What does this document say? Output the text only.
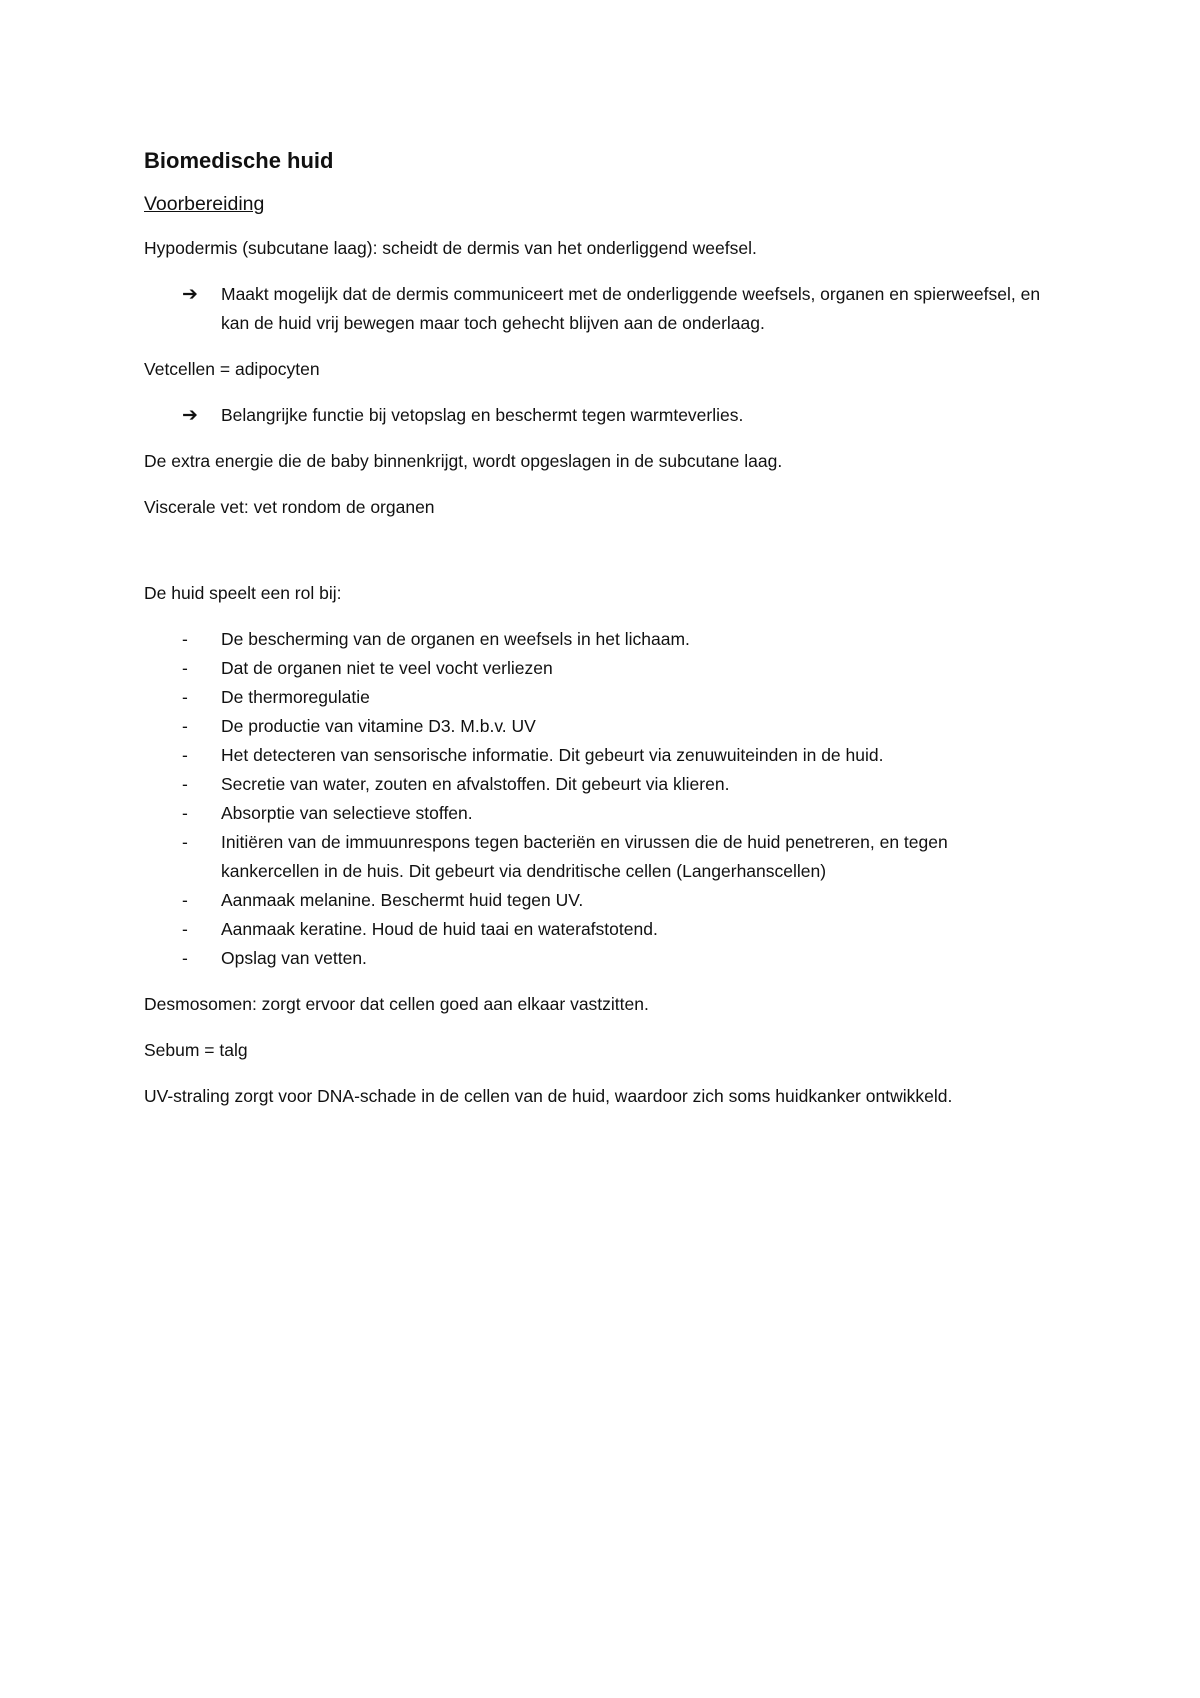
Biomedische huid
Voorbereiding

Hypodermis (subcutane laag): scheidt de dermis van het onderliggend weefsel.

➔	Maakt mogelijk dat de dermis communiceert met de onderliggende weefsels, organen en spierweefsel, en kan de huid vrij bewegen maar toch gehecht blijven aan de onderlaag.

Vetcellen = adipocyten

➔	Belangrijke functie bij vetopslag en beschermt tegen warmteverlies.

De extra energie die de baby binnenkrijgt, wordt opgeslagen in de subcutane laag.

Viscerale vet: vet rondom de organen

De huid speelt een rol bij:

-	De bescherming van de organen en weefsels in het lichaam.
-	Dat de organen niet te veel vocht verliezen
-	De thermoregulatie
-	De productie van vitamine D3. M.b.v. UV
-	Het detecteren van sensorische informatie. Dit gebeurt via zenuwuiteinden in de huid.
-	Secretie van water, zouten en afvalstoffen. Dit gebeurt via klieren.
-	Absorptie van selectieve stoffen.
-	Initiëren van de immuunrespons tegen bacteriën en virussen die de huid penetreren, en tegen kankercellen in de huis. Dit gebeurt via dendritische cellen (Langerhanscellen)
-	Aanmaak melanine. Beschermt huid tegen UV.
-	Aanmaak keratine. Houd de huid taai en waterafstotend.
-	Opslag van vetten.

Desmosomen: zorgt ervoor dat cellen goed aan elkaar vastzitten.

Sebum = talg

UV-straling zorgt voor DNA-schade in de cellen van de huid, waardoor zich soms huidkanker ontwikkeld.
